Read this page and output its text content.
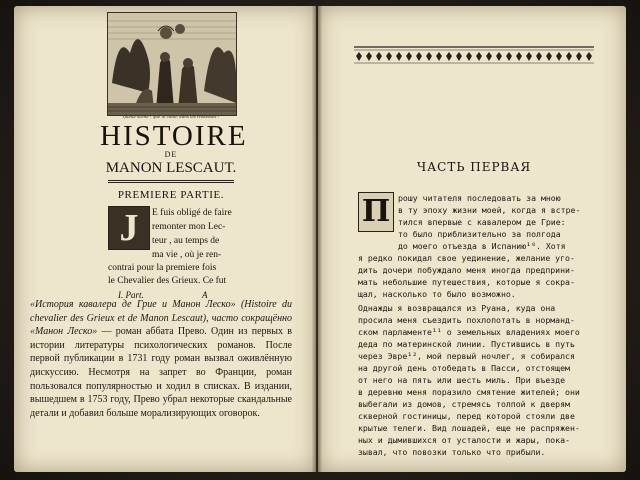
Quelle scène ! que le cœur, dans les tristesses !
HISTOIRE
DE
MANON LESCAUT.
PREMIERE PARTIE.
J	E fuis obligé de faire
remonter mon Lec-
teur , au temps de
ma vie , où je ren-
contrai pour la premiere fois
le Chevalier des Grieux. Ce fut
I. Part.	A
«История кавалера де Грие и Манон Леско» (Histoire du chevalier des Grieux et de Manon Lescaut), часто сокращённо «Манон Леско» — роман аббата Прево. Один из первых в истории литературы психологических романов. После первой публикации в 1731 году роман вызвал оживлённую дискуссию. Несмотря на запрет во Франции, роман пользовался популярностью и ходил в списках. В издании, вышедшем в 1753 году, Прево убрал некоторые скандальные детали и добавил больше морализирующих оговорок.
ЧАСТЬ ПЕРВАЯ
П рошу читателя последовать за мною
в ту эпоху жизни моей, когда я встре-
тился впервые с кавалером де Грие:
то было приблизительно за полгода
до моего отъезда в Испанию¹⁰. Хотя
я редко покидал свое уединение, желание уго-
дить дочери побуждало меня иногда предприни-
мать небольшие путешествия, которые я сокра-
щал, насколько то было возможно.
Однажды я возвращался из Руана, куда она
просила меня съездить похлопотать в норманд-
ском парламенте¹¹ о земельных владениях моего
деда по материнской линии. Пустившись в путь
через Эвре¹², мой первый ночлег, я собирался
на другой день отобедать в Пасси, отстоящем
от него на пять или шесть миль. При въезде
в деревню меня поразило смятение жителей; они
выбегали из домов, стремясь толпой к дверям
скверной гостиницы, перед которой стояли две
крытые телеги. Вид лошадей, еще не распряжен-
ных и дымившихся от усталости и жары, пока-
зывал, что повозки только что прибыли.
